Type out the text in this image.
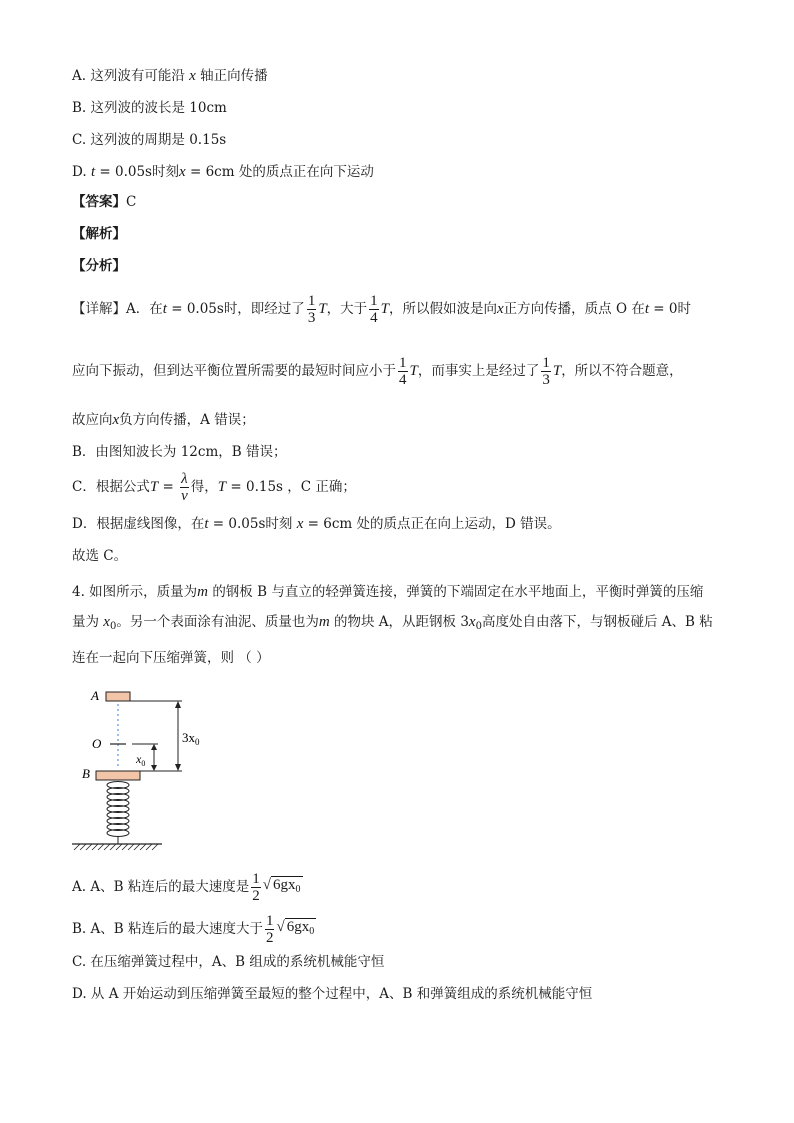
A. 这列波有可能沿 x 轴正向传播
B. 这列波的波长是 10cm
C. 这列波的周期是 0.15s
D. t = 0.05s时刻x = 6cm 处的质点正在向下运动
【答案】C
【解析】
【分析】
【详解】A．在t = 0.05s时，即经过了 $\frac{1}{3}$ T，大于 $\frac{1}{4}$ T，所以假如波是向x正方向传播，质点 O 在t = 0时
应向下振动，但到达平衡位置所需要的最短时间应小于 $\frac{1}{4}$ T，而事实上是经过了 $\frac{1}{3}$ T，所以不符合题意，
故应向x负方向传播，A 错误；
B．由图知波长为 12cm，B 错误；
C．根据公式$T = \frac{\lambda}{v}$ 得，T = 0.15s ，C 正确；
D．根据虚线图像，在t = 0.05s时刻 x = 6cm 处的质点正在向上运动，D 错误。
故选 C。
4. 如图所示，质量为m 的钢板 B 与直立的轻弹簧连接，弹簧的下端固定在水平地面上，平衡时弹簧的压缩
量为 $x_0$。另一个表面涂有油泥、质量也为m 的物块 A，从距钢板 $3x_0$高度处自由落下，与钢板碰后 A、B 粘
连在一起向下压缩弹簧，则 （ ）
A
O
B
$3x_0$
$x_0$
A. A、B 粘连后的最大速度是 $\frac{1}{2}$ √ $6gx_0$
B. A、B 粘连后的最大速度大于 $\frac{1}{2}$ √ $6gx_0$
C. 在压缩弹簧过程中，A、B 组成的系统机械能守恒
D. 从 A 开始运动到压缩弹簧至最短的整个过程中，A、B 和弹簧组成的系统机械能守恒
